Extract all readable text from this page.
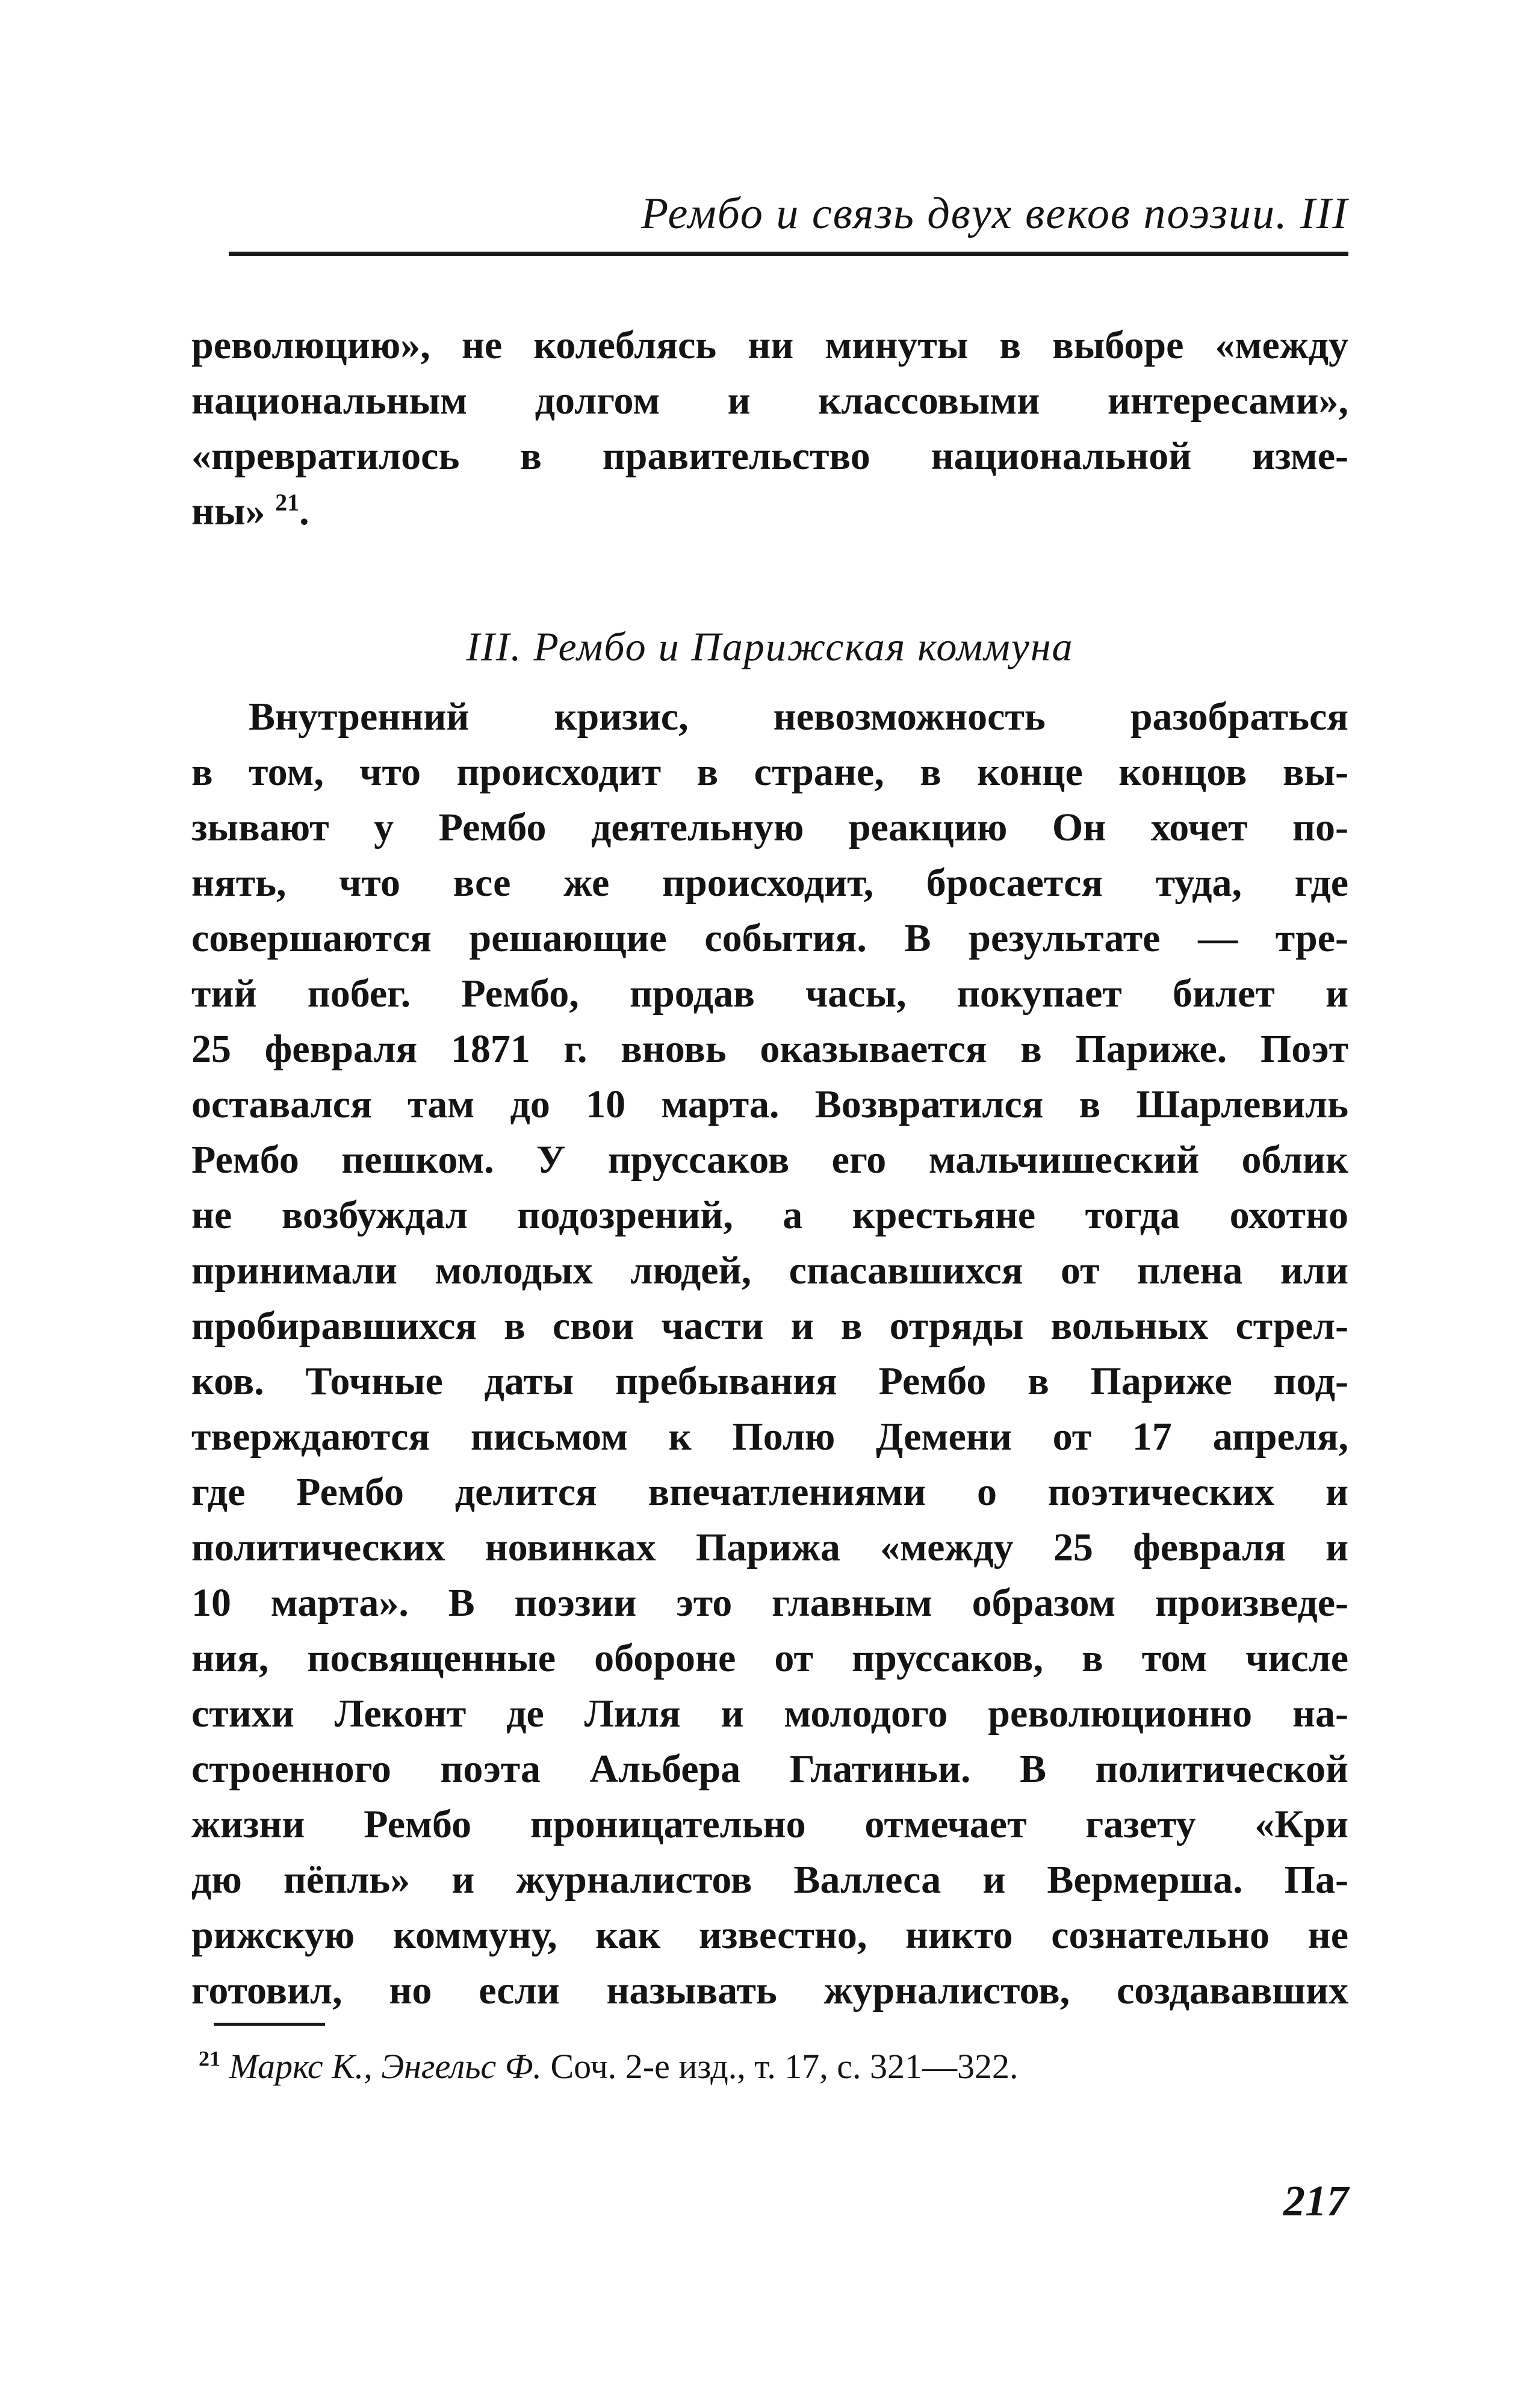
Рембо и связь двух веков поэзии. III
революцию», не колеблясь ни минуты в выборе «между
национальным долгом и классовыми интересами»,
«превратилось в правительство национальной изме-
ны» $^{21}$.
III. Рембо и Парижская коммуна
Внутренний кризис, невозможность разобраться
в том, что происходит в стране, в конце концов вы-
зывают у Рембо деятельную реакцию Он хочет по-
нять, что все же происходит, бросается туда, где
совершаются решающие события. В результате — тре-
тий побег. Рембо, продав часы, покупает билет и
25 февраля 1871 г. вновь оказывается в Париже. Поэт
оставался там до 10 марта. Возвратился в Шарлевиль
Рембо пешком. У пруссаков его мальчишеский облик
не возбуждал подозрений, а крестьяне тогда охотно
принимали молодых людей, спасавшихся от плена или
пробиравшихся в свои части и в отряды вольных стрел-
ков. Точные даты пребывания Рембо в Париже под-
тверждаются письмом к Полю Демени от 17 апреля,
где Рембо делится впечатлениями о поэтических и
политических новинках Парижа «между 25 февраля и
10 марта». В поэзии это главным образом произведе-
ния, посвященные обороне от пруссаков, в том числе
стихи Леконт де Лиля и молодого революционно на-
строенного поэта Альбера Глатиньи. В политической
жизни Рембо проницательно отмечает газету «Кри
дю пёпль» и журналистов Валлеса и Вермерша. Па-
рижскую коммуну, как известно, никто сознательно не
готовил, но если называть журналистов, создававших
$^{21}$ Маркс К., Энгельс Ф. Соч. 2-е изд., т. 17, с. 321—322.
217
